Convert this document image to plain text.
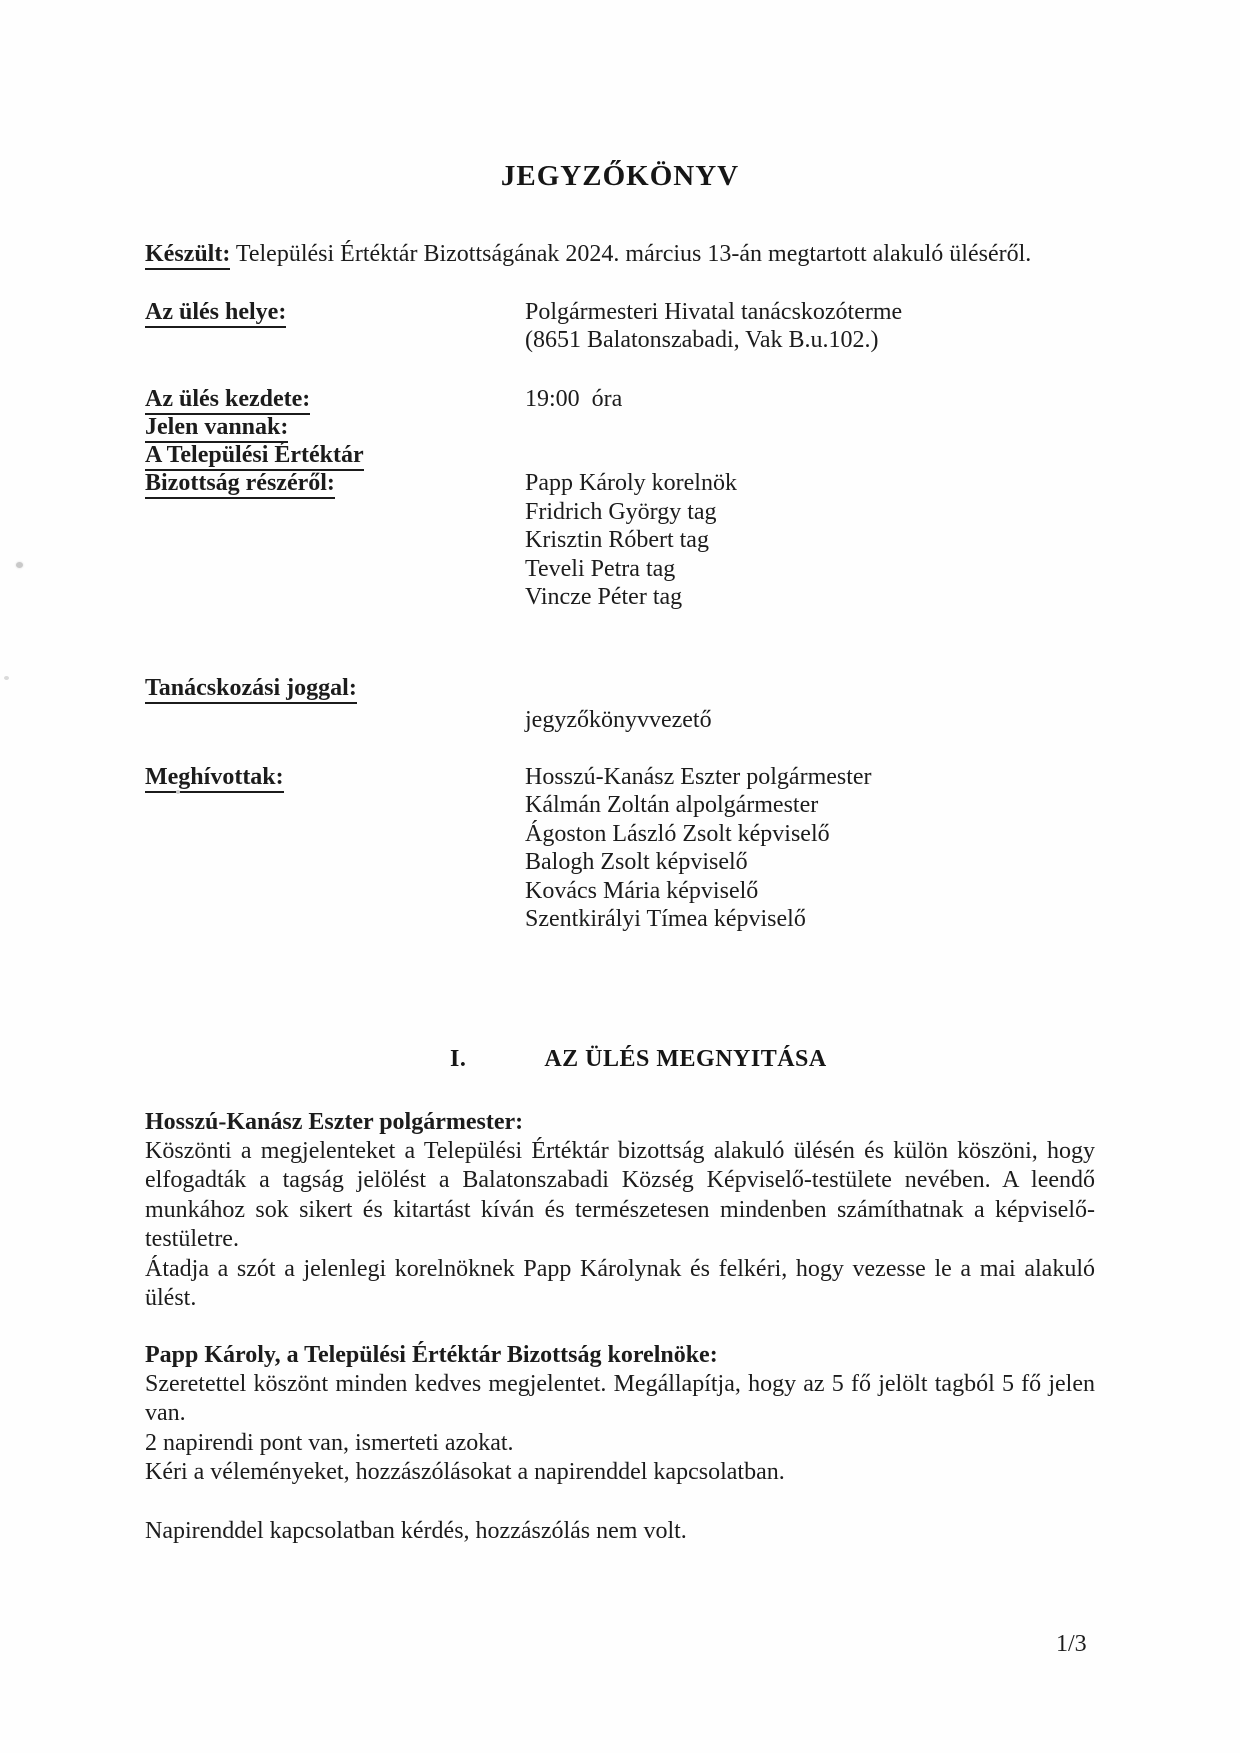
JEGYZŐKÖNYV
Készült: Települési Értéktár Bizottságának 2024. március 13-án megtartott alakuló üléséről.
Az ülés helye:	Polgármesteri Hivatal tanácskozóterme
(8651 Balatonszabadi, Vak B.u.102.)
Az ülés kezdete:	19:00  óra
Jelen vannak:
A Települési Értéktár
Bizottság részéről:	Papp Károly korelnök
Fridrich György tag
Krisztin Róbert tag
Teveli Petra tag
Vincze Péter tag
Tanácskozási joggal:
jegyzőkönyvvezető
Meghívottak:	Hosszú-Kanász Eszter polgármester
Kálmán Zoltán alpolgármester
Ágoston László Zsolt képviselő
Balogh Zsolt képviselő
Kovács Mária képviselő
Szentkirályi Tímea képviselő
I.	AZ ÜLÉS MEGNYITÁSA
Hosszú-Kanász Eszter polgármester:

Köszönti a megjelenteket a Települési Értéktár bizottság alakuló ülésén és külön köszöni, hogy elfogadták a tagság jelölést a Balatonszabadi Község Képviselő-testülete nevében. A leendő munkához sok sikert és kitartást kíván és természetesen mindenben számíthatnak a képviselő-testületre.

Átadja a szót a jelenlegi korelnöknek Papp Károlynak és felkéri, hogy vezesse le a mai alakuló ülést.

Papp Károly, a Települési Értéktár Bizottság korelnöke:

Szeretettel köszönt minden kedves megjelentet. Megállapítja, hogy az 5 fő jelölt tagból 5 fő jelen van.

2 napirendi pont van, ismerteti azokat.
Kéri a véleményeket, hozzászólásokat a napirenddel kapcsolatban.
Napirenddel kapcsolatban kérdés, hozzászólás nem volt.
1/3
